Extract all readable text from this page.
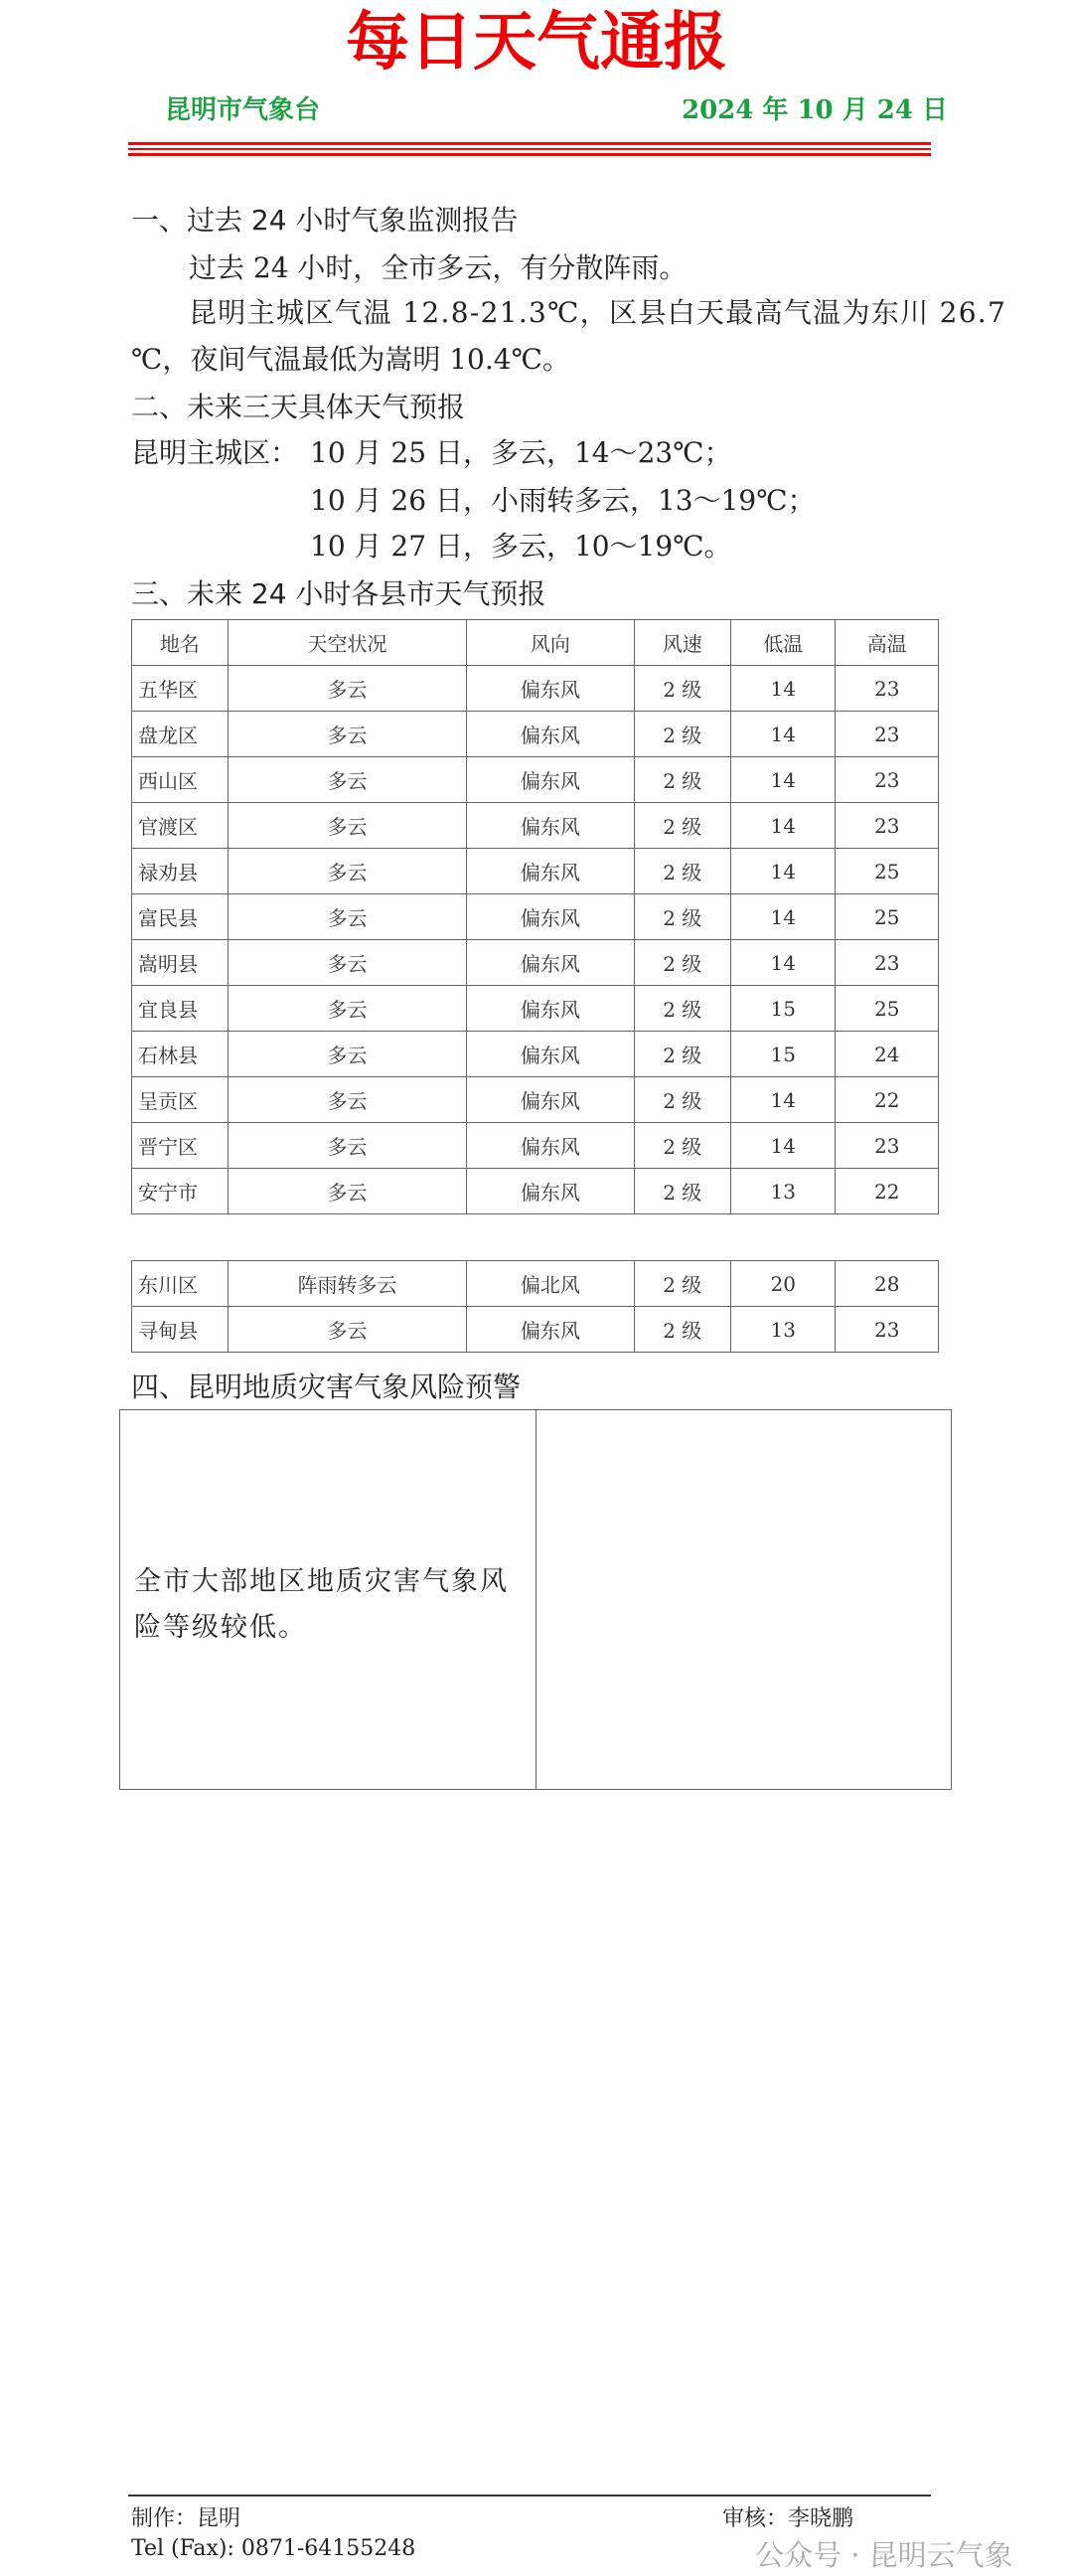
每日天气通报
昆明市气象台	2024 年 10 月 24 日
一、过去 24 小时气象监测报告
过去 24 小时，全市多云，有分散阵雨。
昆明主城区气温 12.8-21.3℃，区县白天最高气温为东川 26.7
℃，夜间气温最低为嵩明 10.4℃。
二、未来三天具体天气预报
昆明主城区： 10 月 25 日，多云，14～23℃；
10 月 26 日，小雨转多云，13～19℃；
10 月 27 日，多云，10～19℃。
三、未来 24 小时各县市天气预报
地名	天空状况	风向	风速	低温	高温
五华区	多云	偏东风	2 级	14	23
盘龙区	多云	偏东风	2 级	14	23
西山区	多云	偏东风	2 级	14	23
官渡区	多云	偏东风	2 级	14	23
禄劝县	多云	偏东风	2 级	14	25
富民县	多云	偏东风	2 级	14	25
嵩明县	多云	偏东风	2 级	14	23
宜良县	多云	偏东风	2 级	15	25
石林县	多云	偏东风	2 级	15	24
呈贡区	多云	偏东风	2 级	14	22
晋宁区	多云	偏东风	2 级	14	23
安宁市	多云	偏东风	2 级	13	22
东川区	阵雨转多云	偏北风	2 级	20	28
寻甸县	多云	偏东风	2 级	13	23
四、昆明地质灾害气象风险预警
全市大部地区地质灾害气象风险等级较低。
制作：昆明
Tel (Fax): 0871-64155248
审核：李晓鹏
公众号 · 昆明云气象
